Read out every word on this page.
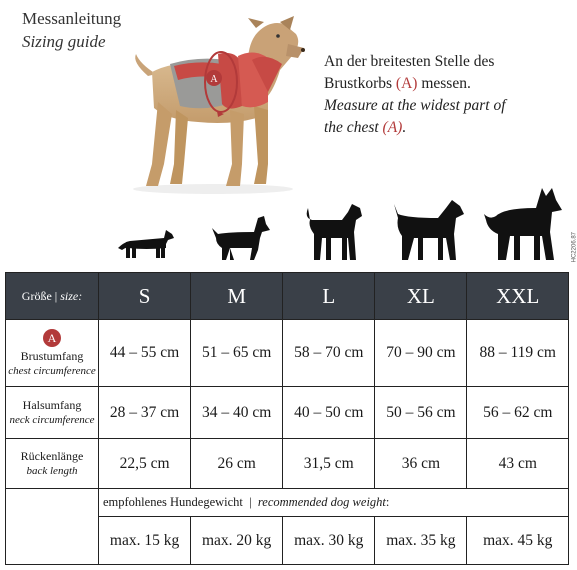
Messanleitung
Sizing guide
A
An der breitesten Stelle des
Brustkorbs (A) messen.
Measure at the widest part of
the chest (A).
HC2206.87
Größe | size:	S	M	L	XL	XXL
A
Brustumfang
chest circumference	44 – 55 cm	51 – 65 cm	58 – 70 cm	70 – 90 cm	88 – 119 cm
Halsumfang
neck circumference	28 – 37 cm	34 – 40 cm	40 – 50 cm	50 – 56 cm	56 – 62 cm
Rückenlänge
back length	22,5 cm	26 cm	31,5 cm	36 cm	43 cm
	empfohlenes Hundegewicht  |  recommended dog weight:				
	max. 15 kg	max. 20 kg	max. 30 kg	max. 35 kg	max. 45 kg
